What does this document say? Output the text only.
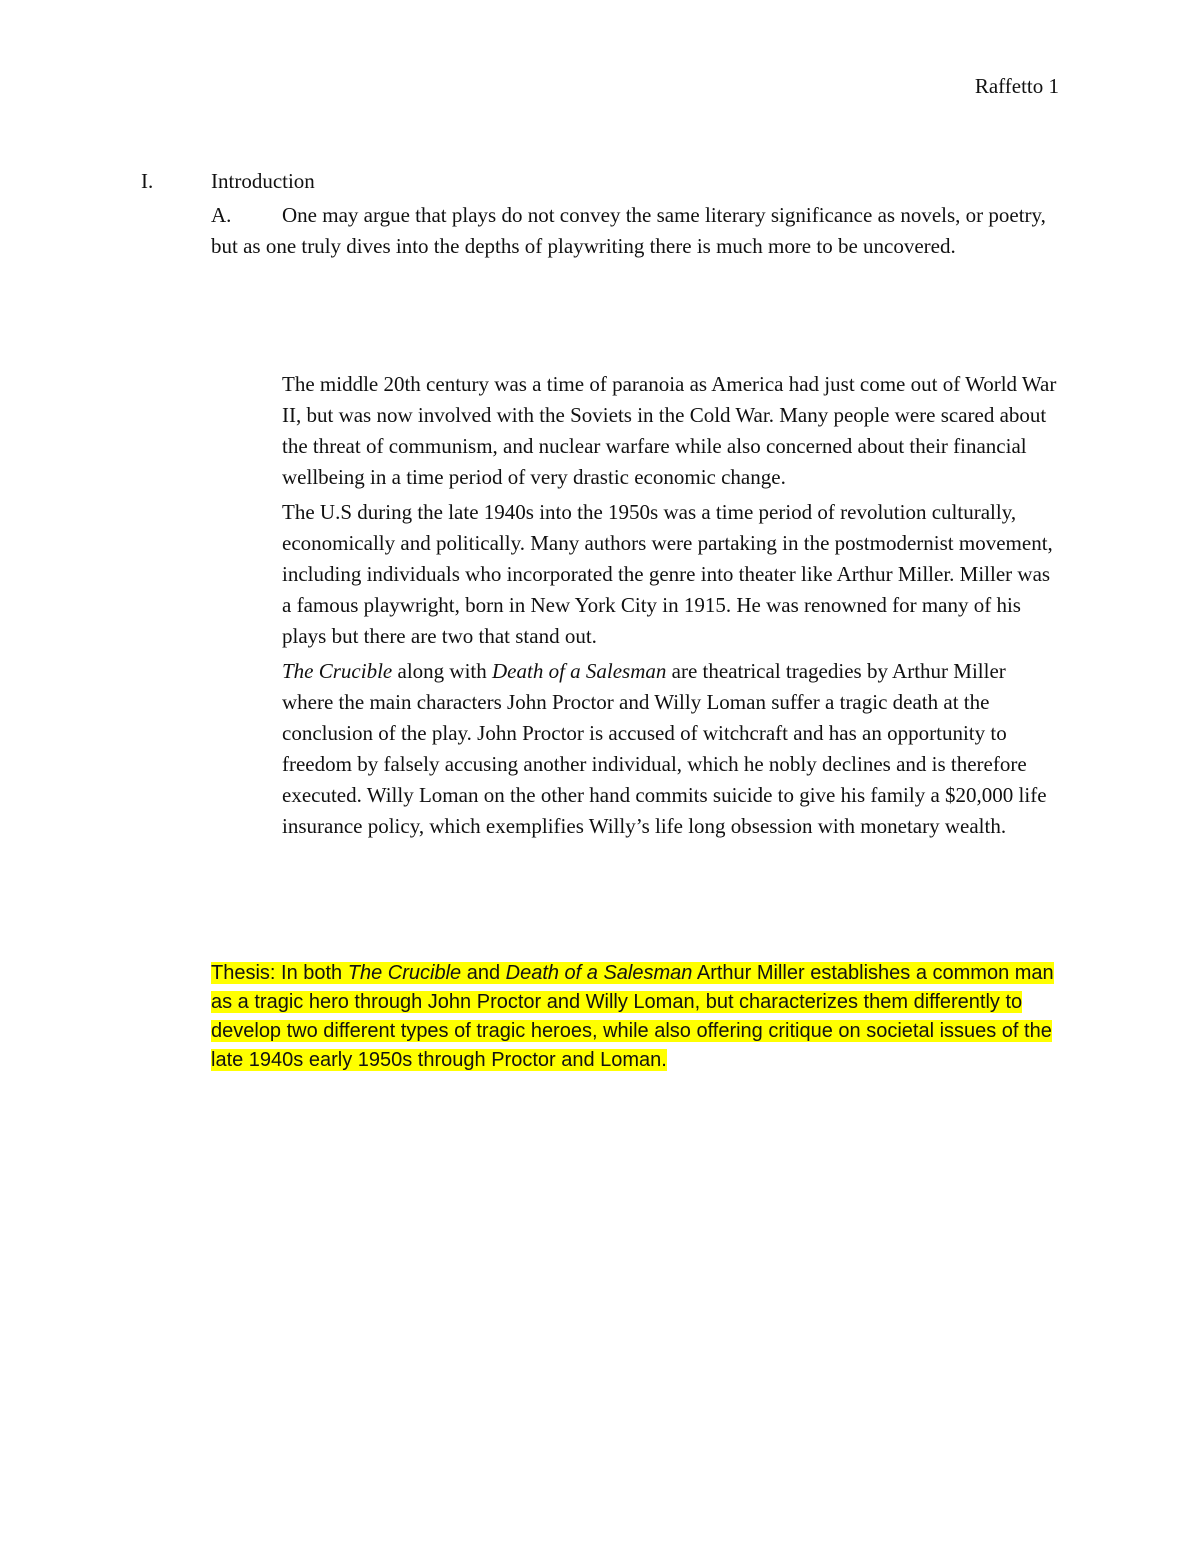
Raffetto 1
I.	Introduction
A. One may argue that plays do not convey the same literary significance as novels, or poetry, but as one truly dives into the depths of playwriting there is much more to be uncovered.

The middle 20th century was a time of paranoia as America had just come out of World War II, but was now involved with the Soviets in the Cold War. Many people were scared about the threat of communism, and nuclear warfare while also concerned about their financial wellbeing in a time period of very drastic economic change.

The U.S during the late 1940s into the 1950s was a time period of revolution culturally, economically and politically. Many authors were partaking in the postmodernist movement, including individuals who incorporated the genre into theater like Arthur Miller. Miller was a famous playwright, born in New York City in 1915. He was renowned for many of his plays but there are two that stand out.

The Crucible along with Death of a Salesman are theatrical tragedies by Arthur Miller where the main characters John Proctor and Willy Loman suffer a tragic death at the conclusion of the play. John Proctor is accused of witchcraft and has an opportunity to freedom by falsely accusing another individual, which he nobly declines and is therefore executed. Willy Loman on the other hand commits suicide to give his family a $20,000 life insurance policy, which exemplifies Willy’s life long obsession with monetary wealth.

Thesis: In both The Crucible and Death of a Salesman Arthur Miller establishes a common man as a tragic hero through John Proctor and Willy Loman, but characterizes them differently to develop two different types of tragic heroes, while also offering critique on societal issues of the late 1940s early 1950s through Proctor and Loman.
